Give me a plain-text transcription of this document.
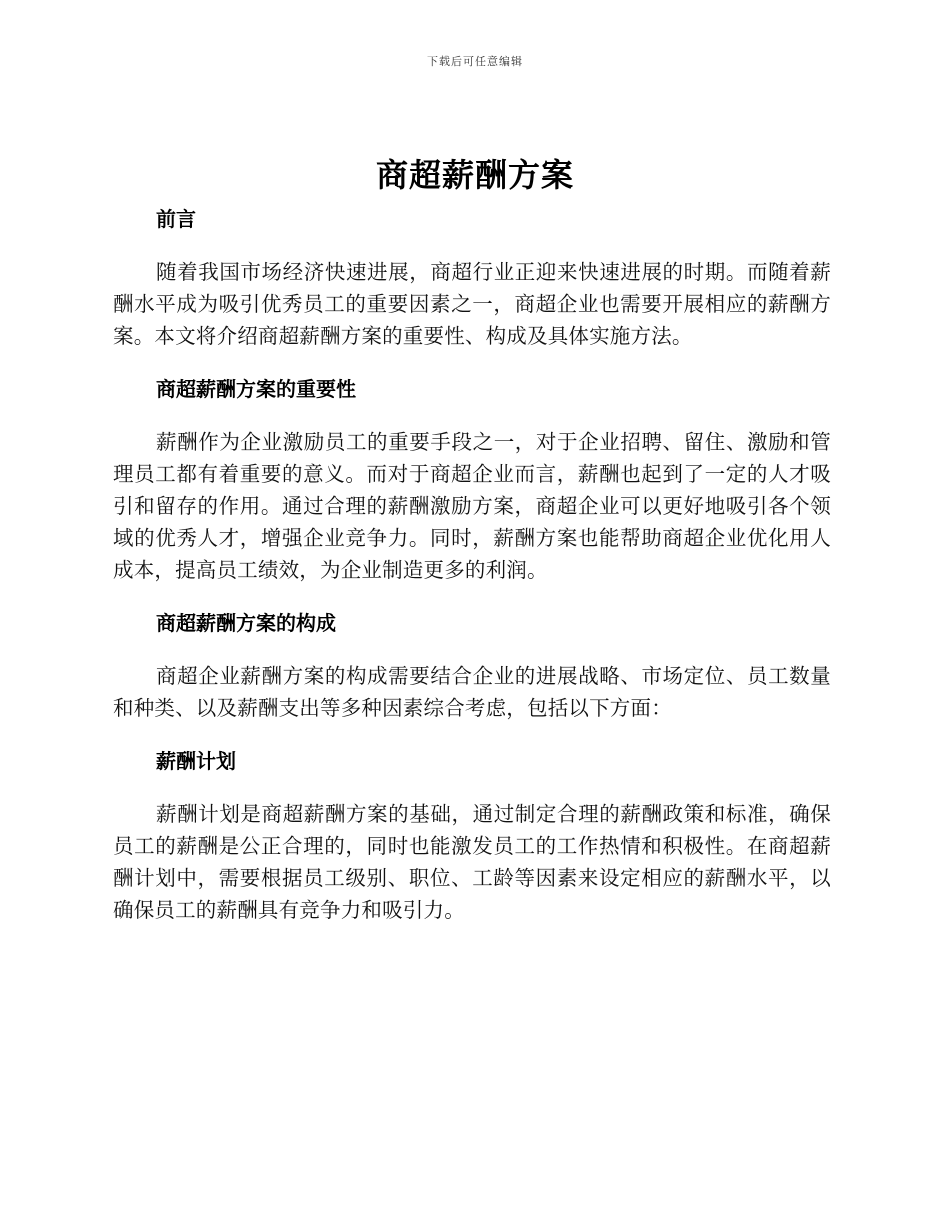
下载后可任意编辑
商超薪酬方案
前言

随着我国市场经济快速进展，商超行业正迎来快速进展的时期。而随着薪酬水平成为吸引优秀员工的重要因素之一，商超企业也需要开展相应的薪酬方案。本文将介绍商超薪酬方案的重要性、构成及具体实施方法。

商超薪酬方案的重要性

薪酬作为企业激励员工的重要手段之一，对于企业招聘、留住、激励和管理员工都有着重要的意义。而对于商超企业而言，薪酬也起到了一定的人才吸引和留存的作用。通过合理的薪酬激励方案，商超企业可以更好地吸引各个领域的优秀人才，增强企业竞争力。同时，薪酬方案也能帮助商超企业优化用人成本，提高员工绩效，为企业制造更多的利润。

商超薪酬方案的构成

商超企业薪酬方案的构成需要结合企业的进展战略、市场定位、员工数量和种类、以及薪酬支出等多种因素综合考虑，包括以下方面：

薪酬计划

薪酬计划是商超薪酬方案的基础，通过制定合理的薪酬政策和标准，确保员工的薪酬是公正合理的，同时也能激发员工的工作热情和积极性。在商超薪酬计划中，需要根据员工级别、职位、工龄等因素来设定相应的薪酬水平，以确保员工的薪酬具有竞争力和吸引力。
